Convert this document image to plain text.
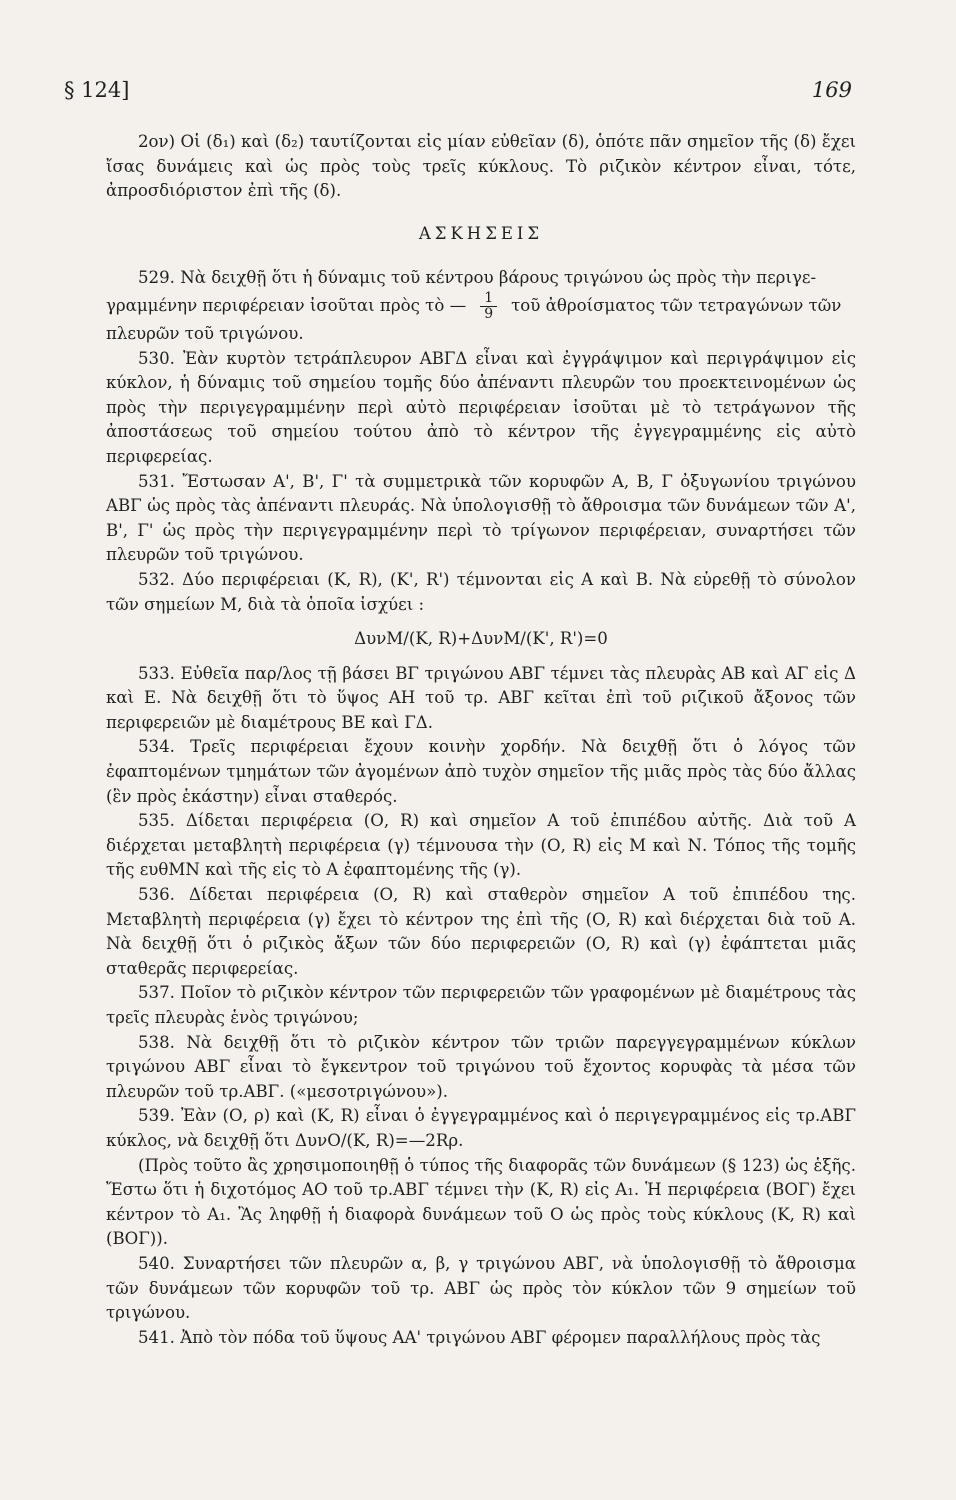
§ 124]	169

2ον) Οἱ (δ₁) καὶ (δ₂) ταυτίζονται εἰς μίαν εὐθεῖαν (δ), ὁπότε πᾶν σημεῖον τῆς (δ) ἔχει ἴσας δυνάμεις καὶ ὡς πρὸς τοὺς τρεῖς κύκλους. Τὸ ριζικὸν κέντρον εἶναι, τότε, ἀπροσδιόριστον ἐπὶ τῆς (δ).

ΑΣΚΗΣΕΙΣ

529. Νὰ δειχθῇ ὅτι ἡ δύναμις τοῦ κέντρου βάρους τριγώνου ὡς πρὸς τὴν περιγε-

γραμμένην περιφέρειαν ἰσοῦται πρὸς τὸ — $\frac{1}{9}$ τοῦ ἀθροίσματος τῶν τετραγώνων τῶν

πλευρῶν τοῦ τριγώνου.

530. Ἐὰν κυρτὸν τετράπλευρον ΑΒΓΔ εἶναι καὶ ἐγγράψιμον καὶ περιγράψιμον εἰς κύκλον, ἡ δύναμις τοῦ σημείου τομῆς δύο ἀπέναντι πλευρῶν του προεκτεινομένων ὡς πρὸς τὴν περιγεγραμμένην περὶ αὐτὸ περιφέρειαν ἰσοῦται μὲ τὸ τετράγωνον τῆς ἀποστάσεως τοῦ σημείου τούτου ἀπὸ τὸ κέντρον τῆς ἐγγεγραμμένης εἰς αὐτὸ περιφερείας.

531. Ἔστωσαν Α', Β', Γ' τὰ συμμετρικὰ τῶν κορυφῶν Α, Β, Γ ὀξυγωνίου τριγώνου ΑΒΓ ὡς πρὸς τὰς ἀπέναντι πλευράς. Νὰ ὑπολογισθῇ τὸ ἄθροισμα τῶν δυνάμεων τῶν Α', Β', Γ' ὡς πρὸς τὴν περιγεγραμμένην περὶ τὸ τρίγωνον περιφέρειαν, συναρτήσει τῶν πλευρῶν τοῦ τριγώνου.

532. Δύο περιφέρειαι (Κ, R), (Κ', R') τέμνονται εἰς Α καὶ Β. Νὰ εὑρεθῇ τὸ σύνολον τῶν σημείων Μ, διὰ τὰ ὁποῖα ἰσχύει :

ΔυνΜ/(Κ, R)+ΔυνΜ/(Κ', R')=0

533. Εὐθεῖα παρ/λος τῇ βάσει ΒΓ τριγώνου ΑΒΓ τέμνει τὰς πλευρὰς ΑΒ καὶ ΑΓ εἰς Δ καὶ Ε. Νὰ δειχθῇ ὅτι τὸ ὕψος ΑΗ τοῦ τρ. ΑΒΓ κεῖται ἐπὶ τοῦ ριζικοῦ ἄξονος τῶν περιφερειῶν μὲ διαμέτρους ΒΕ καὶ ΓΔ.

534. Τρεῖς περιφέρειαι ἔχουν κοινὴν χορδήν. Νὰ δειχθῇ ὅτι ὁ λόγος τῶν ἐφαπτομένων τμημάτων τῶν ἀγομένων ἀπὸ τυχὸν σημεῖον τῆς μιᾶς πρὸς τὰς δύο ἄλλας (ἓν πρὸς ἑκάστην) εἶναι σταθερός.

535. Δίδεται περιφέρεια (Ο, R) καὶ σημεῖον Α τοῦ ἐπιπέδου αὐτῆς. Διὰ τοῦ Α διέρχεται μεταβλητὴ περιφέρεια (γ) τέμνουσα τὴν (Ο, R) εἰς Μ καὶ Ν. Τόπος τῆς τομῆς τῆς ευθΜΝ καὶ τῆς εἰς τὸ Α ἐφαπτομένης τῆς (γ).

536. Δίδεται περιφέρεια (Ο, R) καὶ σταθερὸν σημεῖον Α τοῦ ἐπιπέδου της. Μεταβλητὴ περιφέρεια (γ) ἔχει τὸ κέντρον της ἐπὶ τῆς (Ο, R) καὶ διέρχεται διὰ τοῦ Α. Νὰ δειχθῇ ὅτι ὁ ριζικὸς ἄξων τῶν δύο περιφερειῶν (Ο, R) καὶ (γ) ἐφάπτεται μιᾶς σταθερᾶς περιφερείας.

537. Ποῖον τὸ ριζικὸν κέντρον τῶν περιφερειῶν τῶν γραφομένων μὲ διαμέτρους τὰς τρεῖς πλευρὰς ἑνὸς τριγώνου;

538. Νὰ δειχθῇ ὅτι τὸ ριζικὸν κέντρον τῶν τριῶν παρεγγεγραμμένων κύκλων τριγώνου ΑΒΓ εἶναι τὸ ἔγκεντρον τοῦ τριγώνου τοῦ ἔχοντος κορυφὰς τὰ μέσα τῶν πλευρῶν τοῦ τρ.ΑΒΓ. («μεσοτριγώνου»).

539. Ἐὰν (Ο, ρ) καὶ (Κ, R) εἶναι ὁ ἐγγεγραμμένος καὶ ὁ περιγεγραμμένος εἰς τρ.ΑΒΓ κύκλος, νὰ δειχθῇ ὅτι ΔυνΟ/(Κ, R)=—2Rρ.

(Πρὸς τοῦτο ἂς χρησιμοποιηθῇ ὁ τύπος τῆς διαφορᾶς τῶν δυνάμεων (§ 123) ὡς ἑξῆς. Ἔστω ὅτι ἡ διχοτόμος ΑΟ τοῦ τρ.ΑΒΓ τέμνει τὴν (Κ, R) εἰς Α₁. Ἡ περιφέρεια (ΒΟΓ) ἔχει κέντρον τὸ Α₁. Ἂς ληφθῇ ἡ διαφορὰ δυνάμεων τοῦ Ο ὡς πρὸς τοὺς κύκλους (Κ, R) καὶ (ΒΟΓ)).

540. Συναρτήσει τῶν πλευρῶν α, β, γ τριγώνου ΑΒΓ, νὰ ὑπολογισθῇ τὸ ἄθροισμα τῶν δυνάμεων τῶν κορυφῶν τοῦ τρ. ΑΒΓ ὡς πρὸς τὸν κύκλον τῶν 9 σημείων τοῦ τριγώνου.

541. Ἀπὸ τὸν πόδα τοῦ ὕψους ΑΑ' τριγώνου ΑΒΓ φέρομεν παραλλήλους πρὸς τὰς
